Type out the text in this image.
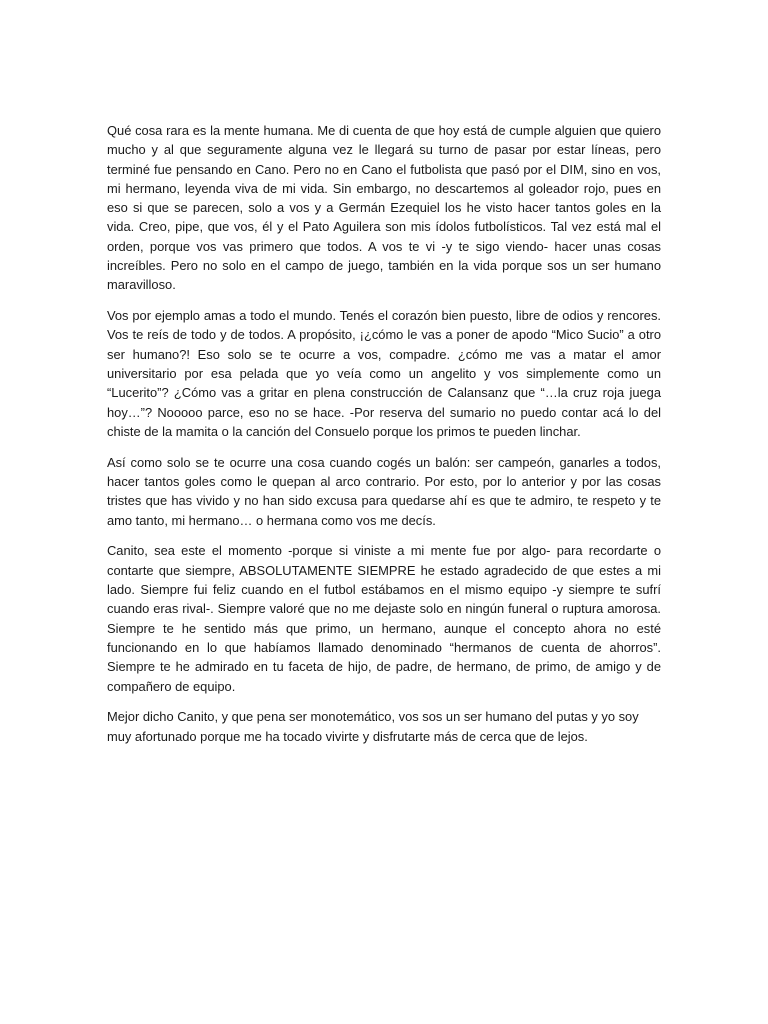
Qué cosa rara es la mente humana. Me di cuenta de que hoy está de cumple alguien que quiero mucho y al que seguramente alguna vez le llegará su turno de pasar por estar líneas, pero terminé fue pensando en Cano. Pero no en Cano el futbolista que pasó por el DIM, sino en vos, mi hermano, leyenda viva de mi vida. Sin embargo, no descartemos al goleador rojo, pues en eso si que se parecen, solo a vos y a Germán Ezequiel los he visto hacer tantos goles en la vida. Creo, pipe, que vos, él y el Pato Aguilera son mis ídolos futbolísticos. Tal vez está mal el orden, porque vos vas primero que todos. A vos te vi -y te sigo viendo- hacer unas cosas increíbles. Pero no solo en el campo de juego, también en la vida porque sos un ser humano maravilloso.

Vos por ejemplo amas a todo el mundo. Tenés el corazón bien puesto, libre de odios y rencores. Vos te reís de todo y de todos. A propósito, ¡¿cómo le vas a poner de apodo “Mico Sucio” a otro ser humano?! Eso solo se te ocurre a vos, compadre. ¿cómo me vas a matar el amor universitario por esa pelada que yo veía como un angelito y vos simplemente como un “Lucerito”? ¿Cómo vas a gritar en plena construcción de Calansanz que “…la cruz roja juega hoy…”? Nooooo parce, eso no se hace. -Por reserva del sumario no puedo contar acá lo del chiste de la mamita o la canción del Consuelo porque los primos te pueden linchar.

Así como solo se te ocurre una cosa cuando cogés un balón: ser campeón, ganarles a todos, hacer tantos goles como le quepan al arco contrario. Por esto, por lo anterior y por las cosas tristes que has vivido y no han sido excusa para quedarse ahí es que te admiro, te respeto y te amo tanto, mi hermano… o hermana como vos me decís.

Canito, sea este el momento -porque si viniste a mi mente fue por algo- para recordarte o contarte que siempre, ABSOLUTAMENTE SIEMPRE he estado agradecido de que estes a mi lado. Siempre fui feliz cuando en el futbol estábamos en el mismo equipo -y siempre te sufrí cuando eras rival-. Siempre valoré que no me dejaste solo en ningún funeral o ruptura amorosa. Siempre te he sentido más que primo, un hermano, aunque el concepto ahora no esté funcionando en lo que habíamos llamado denominado “hermanos de cuenta de ahorros”. Siempre te he admirado en tu faceta de hijo, de padre, de hermano, de primo, de amigo y de compañero de equipo.

Mejor dicho Canito, y que pena ser monotemático, vos sos un ser humano del putas y yo soy muy afortunado porque me ha tocado vivirte y disfrutarte más de cerca que de lejos.
